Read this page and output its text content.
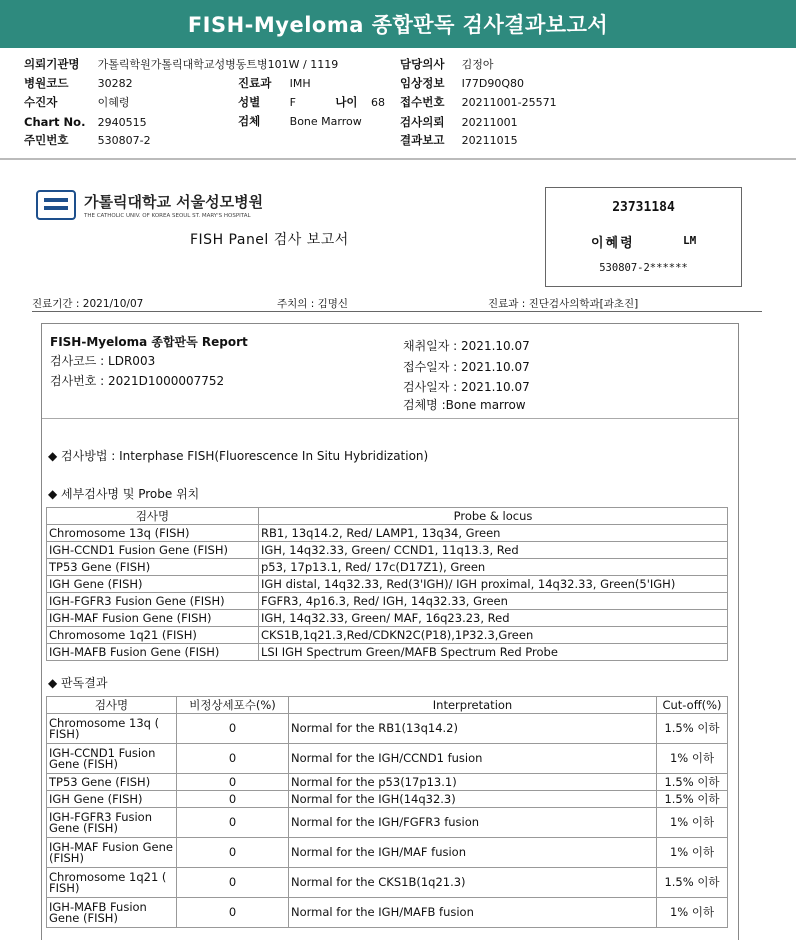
FISH-Myeloma 종합판독 검사결과보고서
의뢰기관명 가톨릭학원가톨릭대학교성병동트병101W / 1119
병원코드	30282
수진자	이혜령
Chart No. 2940515
주민번호	530807-2
진료과 IMH
성별	F	나이 68
검체	Bone Marrow
담당의사 김정아
임상정보 I77D90Q80
접수번호 20211001-25571
검사의뢰 20211001
결과보고 20211015
가톨릭대학교 서울성모병원
THE CATHOLIC UNIV. OF KOREA SEOUL ST. MARY'S HOSPITAL
FISH Panel 검사 보고서
23731184
이혜령	LM
530807-2******
진료기간 : 2021/10/07	주치의 : 김명신	진료과 : 진단검사의학과[과초진]
FISH-Myeloma 종합판독 Report
검사코드 : LDR003
검사번호 : 2021D1000007752
채취일자 : 2021.10.07
접수일자 : 2021.10.07
검사일자 : 2021.10.07
검체명 :Bone marrow
◆ 검사방법 : Interphase FISH(Fluorescence In Situ Hybridization)
◆ 세부검사명 및 Probe 위치
검사명	Probe & locus
Chromosome 13q (FISH)	RB1, 13q14.2, Red/ LAMP1, 13q34, Green
IGH-CCND1 Fusion Gene (FISH)	IGH, 14q32.33, Green/ CCND1, 11q13.3, Red
TP53 Gene (FISH)	p53, 17p13.1, Red/ 17c(D17Z1), Green
IGH Gene (FISH)	IGH distal, 14q32.33, Red(3'IGH)/ IGH proximal, 14q32.33, Green(5'IGH)
IGH-FGFR3 Fusion Gene (FISH)	FGFR3, 4p16.3, Red/ IGH, 14q32.33, Green
IGH-MAF Fusion Gene (FISH)	IGH, 14q32.33, Green/ MAF, 16q23.23, Red
Chromosome 1q21 (FISH)	CKS1B,1q21.3,Red/CDKN2C(P18),1P32.3,Green
IGH-MAFB Fusion Gene (FISH)	LSI IGH Spectrum Green/MAFB Spectrum Red Probe
◆ 판독결과
검사명	비정상세포수(%)	Interpretation	Cut-off(%)
Chromosome 13q ( FISH)	0	Normal for the RB1(13q14.2)	1.5% 이하
IGH-CCND1 Fusion Gene (FISH)	0	Normal for the IGH/CCND1 fusion	1% 이하
TP53 Gene (FISH)	0	Normal for the p53(17p13.1)	1.5% 이하
IGH Gene (FISH)	0	Normal for the IGH(14q32.3)	1.5% 이하
IGH-FGFR3 Fusion Gene (FISH)	0	Normal for the IGH/FGFR3 fusion	1% 이하
IGH-MAF Fusion Gene (FISH)	0	Normal for the IGH/MAF fusion	1% 이하
Chromosome 1q21 ( FISH)	0	Normal for the CKS1B(1q21.3)	1.5% 이하
IGH-MAFB Fusion Gene (FISH)	0	Normal for the IGH/MAFB fusion	1% 이하
